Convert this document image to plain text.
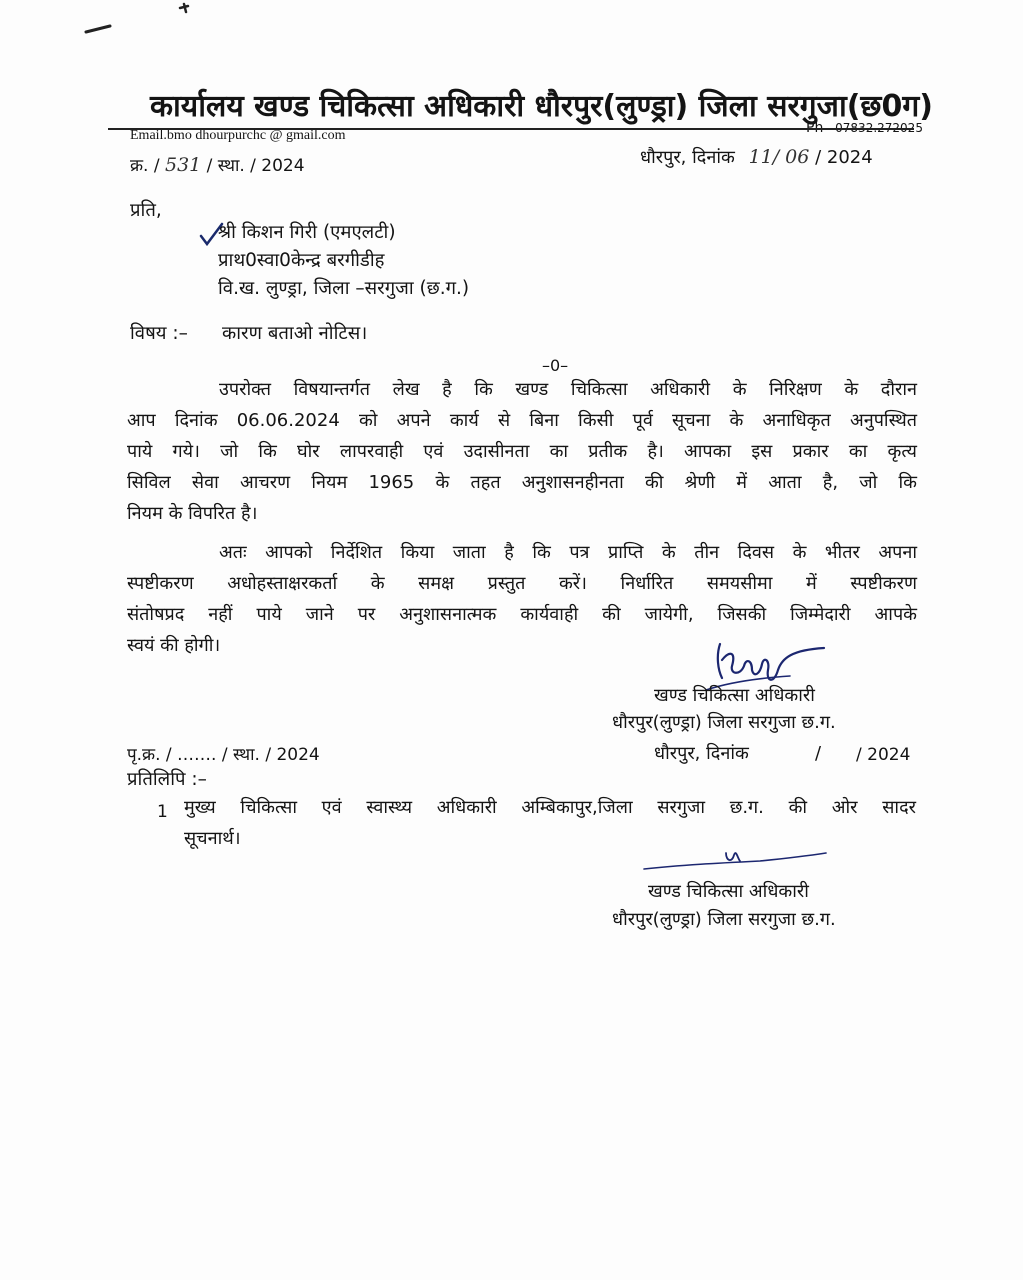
कार्यालय खण्ड चिकित्सा अधिकारी धौरपुर(लुण्ड्रा) जिला सरगुजा(छ0ग)
Email.bmo dhourpurchc @ gmail.com	Ph 07832.272025
क्र. / 531 / स्था. / 2024	धौरपुर, दिनांक 11/ 06 / 2024
प्रति,
श्री किशन गिरी (एमएलटी)
प्राथ0स्वा0केन्द्र बरगीडीह
वि.ख. लुण्ड्रा, जिला –सरगुजा (छ.ग.)
विषय :– कारण बताओ नोटिस।
–0–
उपरोक्त विषयान्तर्गत लेख है कि खण्ड चिकित्सा अधिकारी के निरिक्षण के दौरान
आप दिनांक 06.06.2024 को अपने कार्य से बिना किसी पूर्व सूचना के अनाधिकृत अनुपस्थित
पाये गये। जो कि घोर लापरवाही एवं उदासीनता का प्रतीक है। आपका इस प्रकार का कृत्य
सिविल सेवा आचरण नियम 1965 के तहत अनुशासनहीनता की श्रेणी में आता है, जो कि
नियम के विपरित है।
अतः आपको निर्देशित किया जाता है कि पत्र प्राप्ति के तीन दिवस के भीतर अपना
स्पष्टीकरण अधोहस्ताक्षरकर्ता के समक्ष प्रस्तुत करें। निर्धारित समयसीमा में स्पष्टीकरण
संतोषप्रद नहीं पाये जाने पर अनुशासनात्मक कार्यवाही की जायेगी, जिसकी जिम्मेदारी आपके
स्वयं की होगी।
खण्ड चिकित्सा अधिकारी
धौरपुर(लुण्ड्रा) जिला सरगुजा छ.ग.
पृ.क्र. / ……. / स्था. / 2024	धौरपुर, दिनांक	/ / 2024
प्रतिलिपि :–
1 मुख्य चिकित्सा एवं स्वास्थ्य अधिकारी अम्बिकापुर,जिला सरगुजा छ.ग. की ओर सादर
सूचनार्थ।
खण्ड चिकित्सा अधिकारी
धौरपुर(लुण्ड्रा) जिला सरगुजा छ.ग.
